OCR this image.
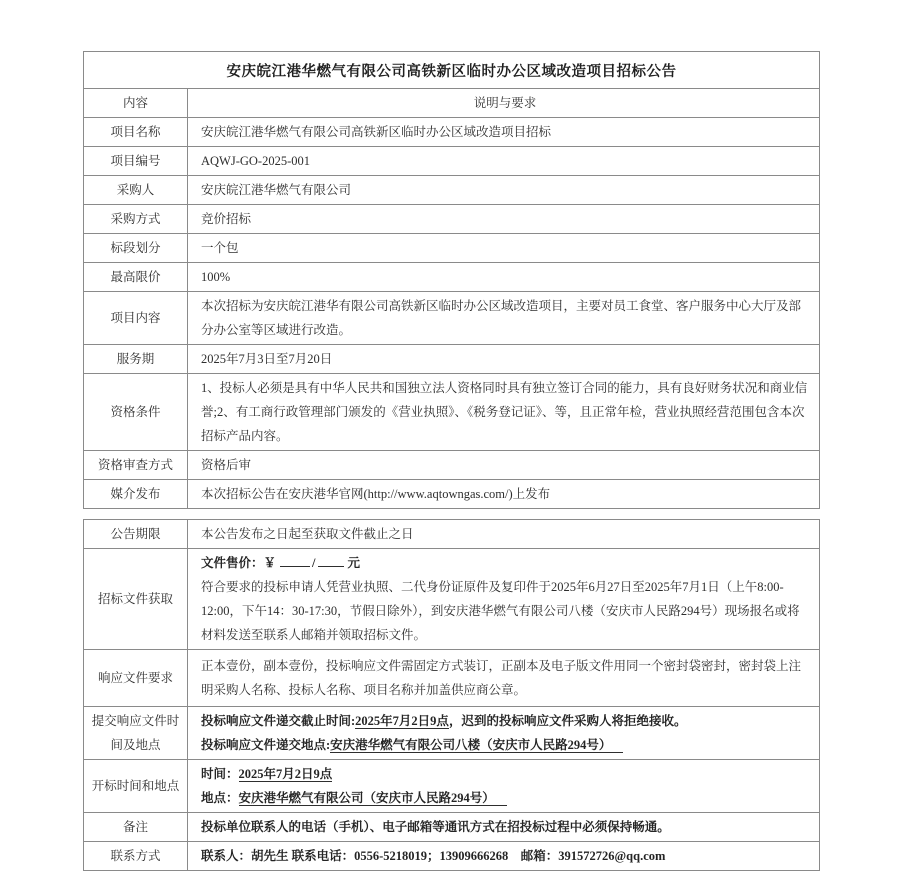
安庆皖江港华燃气有限公司高铁新区临时办公区域改造项目招标公告	
内容	说明与要求
项目名称	安庆皖江港华燃气有限公司高铁新区临时办公区域改造项目招标
项目编号	AQWJ-GO-2025-001
采购人	安庆皖江港华燃气有限公司
采购方式	竞价招标
标段划分	一个包
最高限价	100%
项目内容	本次招标为安庆皖江港华有限公司高铁新区临时办公区域改造项目，主要对员工食堂、客户服务中心大厅及部分办公室等区域进行改造。
服务期	2025年7月3日至7月20日
资格条件	1、投标人必须是具有中华人民共和国独立法人资格同时具有独立签订合同的能力，具有良好财务状况和商业信誉;2、有工商行政管理部门颁发的《营业执照》、《税务登记证》、等，且正常年检，营业执照经营范围包含本次招标产品内容。
资格审查方式	资格后审
媒介发布	本次招标公告在安庆港华官网(http://www.aqtowngas.com/)上发布
公告期限	本公告发布之日起至获取文件截止之日
招标文件获取	文件售价：￥ / 元
符合要求的投标申请人凭营业执照、二代身份证原件及复印件于2025年6月27日至2025年7月1日（上午8:00-12:00，下午14：30-17:30，节假日除外），到安庆港华燃气有限公司八楼（安庆市人民路294号）现场报名或将材料发送至联系人邮箱并领取招标文件。

响应文件要求	正本壹份，副本壹份，投标响应文件需固定方式装订，正副本及电子版文件用同一个密封袋密封，密封袋上注明采购人名称、投标人名称、项目名称并加盖供应商公章。
提交响应文件时间及地点	投标响应文件递交截止时间:2025年7月2日9点，迟到的投标响应文件采购人将拒绝接收。
投标响应文件递交地点:安庆港华燃气有限公司八楼（安庆市人民路294号）

开标时间和地点	时间：2025年7月2日9点
地点：安庆港华燃气有限公司（安庆市人民路294号）

备注	投标单位联系人的电话（手机）、电子邮箱等通讯方式在招投标过程中必须保持畅通。
联系方式	联系人：胡先生 联系电话：0556-5218019；13909666268　邮箱：391572726@qq.com
